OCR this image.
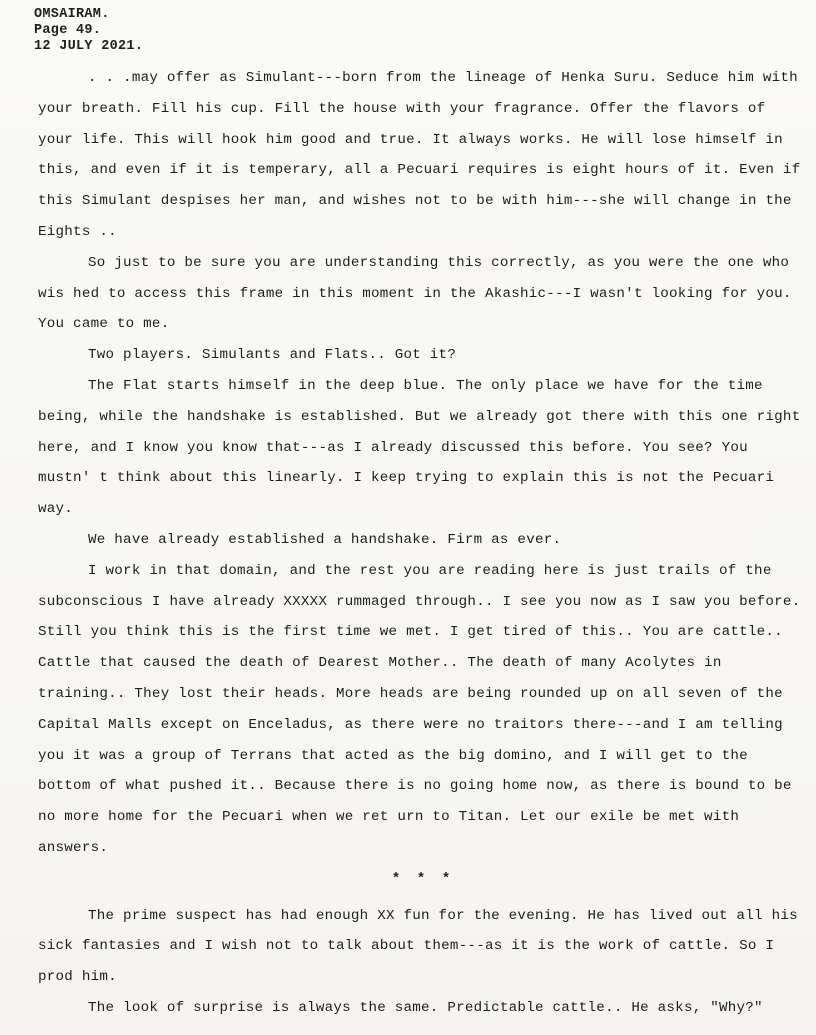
OMSAIRAM.
Page 49.
12 JULY 2021.

. . .may offer as Simulant---born from the lineage of Henka Suru. Seduce him with your breath. Fill his cup. Fill the house with your fragrance. Offer the flavors of your life. This will hook him good and true. It always works. He will lose himself in this, and even if it is temperary, all a Pecuari requires is eight hours of it. Even if this Simulant despises her man, and wishes not to be with him---she will change in the Eights ..

So just to be sure you are understanding this correctly, as you were the one who wis hed to access this frame in this moment in the Akashic---I wasn't looking for you. You came to me.

Two players. Simulants and Flats.. Got it?

The Flat starts himself in the deep blue. The only place we have for the time being, while the handshake is established. But we already got there with this one right here, and I know you know that---as I already discussed this before. You see? You mustn' t think about this linearly. I keep trying to explain this is not the Pecuari way.

We have already established a handshake. Firm as ever.

I work in that domain, and the rest you are reading here is just trails of the subconscious I have already XXXXX rummaged through.. I see you now as I saw you before. Still you think this is the first time we met. I get tired of this.. You are cattle.. Cattle that caused the death of Dearest Mother.. The death of many Acolytes in training.. They lost their heads. More heads are being rounded up on all seven of the Capital Malls except on Enceladus, as there were no traitors there---and I am telling you it was a group of Terrans that acted as the big domino, and I will get to the bottom of what pushed it.. Because there is no going home now, as there is bound to be no more home for the Pecuari when we ret urn to Titan. Let our exile be met with answers.

* * *

The prime suspect has had enough XX fun for the evening. He has lived out all his sick fantasies and I wish not to talk about them---as it is the work of cattle. So I prod him.

The look of surprise is always the same. Predictable cattle.. He asks, "Why?"
